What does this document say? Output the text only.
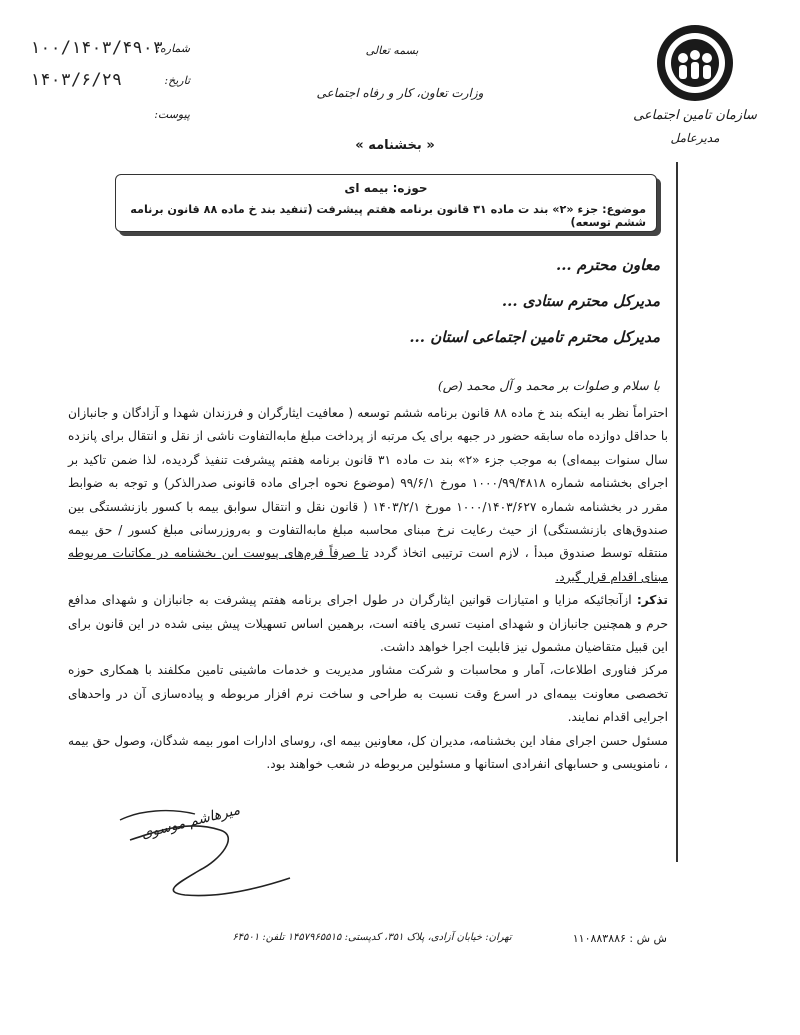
سازمان تامین اجتماعی
مدیرعامل
بسمه تعالی
وزارت تعاون، کار و رفاه اجتماعی
« بخشنامه »
شماره:
۱۰۰/۱۴۰۳/۴۹۰۳
تاریخ:
۱۴۰۳/۶/۲۹
پیوست:
حوزه: بیمه ای
موضوع: جزء «۲» بند ت ماده ۳۱ قانون برنامه هفتم پیشرفت (تنفید بند خ ماده ۸۸ قانون برنامه ششم توسعه)
معاون محترم ...
مدیرکل محترم ستادی ...
مدیرکل محترم تامین اجتماعی استان ...
با سلام و صلوات بر محمد و آل محمد (ص)

احتراماً نظر به اینکه بند خ ماده ۸۸ قانون برنامه ششم توسعه ( معافیت ایثارگران و فرزندان شهدا و آزادگان و جانبازان با حداقل دوازده ماه سابقه حضور در جبهه برای یک مرتبه از پرداخت مبلغ مابه‌التفاوت ناشی از نقل و انتقال برای پانزده سال سنوات بیمه‌ای) به موجب جزء «۲» بند ت ماده ۳۱ قانون برنامه هفتم پیشرفت تنفیذ گردیده، لذا ضمن تاکید بر اجرای بخشنامه شماره ۱۰۰۰/۹۹/۴۸۱۸ مورخ ۹۹/۶/۱ (موضوع نحوه اجرای ماده قانونی صدرالذکر) و توجه به ضوابط مقرر در بخشنامه شماره ۱۰۰۰/۱۴۰۳/۶۲۷ مورخ ۱۴۰۳/۲/۱ ( قانون نقل و انتقال سوابق بیمه با کسور بازنشستگی بین صندوق‌های بازنشستگی) از حیث رعایت نرخ مبنای محاسبه مبلغ مابه‌التفاوت و به‌روزرسانی مبلغ کسور / حق بیمه منتقله توسط صندوق مبدأ ، لازم است ترتیبی اتخاذ گردد تا صرفاً فرم‌های پیوست این بخشنامه در مکاتبات مربوطه مبنای اقدام قرار گیرد.

تذکر: ازآنجائیکه مزایا و امتیازات قوانین ایثارگران در طول اجرای برنامه هفتم پیشرفت به جانبازان و شهدای مدافع حرم و همچنین جانبازان و شهدای امنیت تسری یافته است، برهمین اساس تسهیلات پیش بینی شده در این قانون برای این قبیل متقاضیان مشمول نیز قابلیت اجرا خواهد داشت.

مرکز فناوری اطلاعات، آمار و محاسبات و شرکت مشاور مدیریت و خدمات ماشینی تامین مکلفند با همکاری حوزه تخصصی معاونت بیمه‌ای در اسرع وقت نسبت به طراحی و ساخت نرم افزار مربوطه و پیاده‌سازی آن در واحدهای اجرایی اقدام نمایند.

مسئول حسن اجرای مفاد این بخشنامه، مدیران کل، معاونین بیمه ای، روسای ادارات امور بیمه شدگان، وصول حق بیمه ، نامنویسی و حسابهای انفرادی استانها و مسئولین مربوطه در شعب خواهند بود.

میرهاشم موسوی
تهران: خیابان آزادی، پلاک ۳۵۱، کدپستی: ۱۴۵۷۹۶۵۵۱۵ تلفن: ۶۴۵۰۱	ش ش : ۱۱۰۸۸۳۸۸۶
